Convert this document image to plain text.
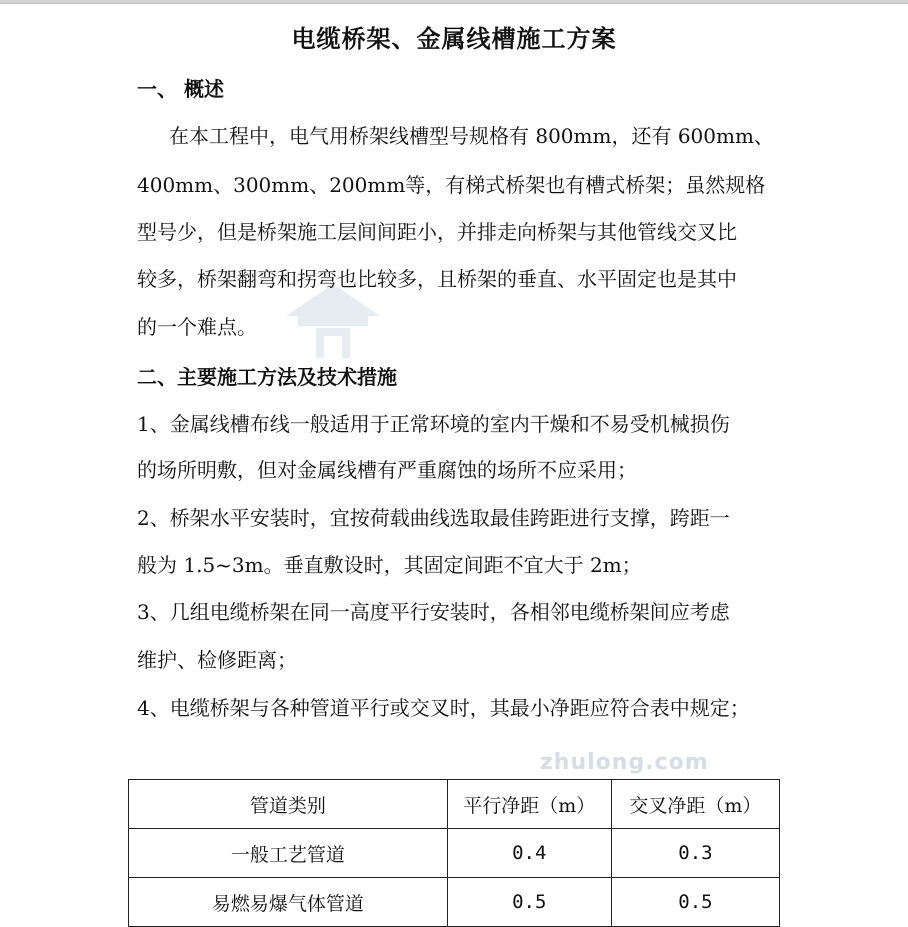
电缆桥架、金属线槽施工方案
一、 概述
在本工程中，电气用桥架线槽型号规格有 800mm，还有 600mm、
400mm、300mm、200mm等，有梯式桥架也有槽式桥架；虽然规格
型号少，但是桥架施工层间间距小，并排走向桥架与其他管线交叉比
较多，桥架翻弯和拐弯也比较多，且桥架的垂直、水平固定也是其中
的一个难点。
二、主要施工方法及技术措施
1、金属线槽布线一般适用于正常环境的室内干燥和不易受机械损伤
的场所明敷，但对金属线槽有严重腐蚀的场所不应采用；
2、桥架水平安装时，宜按荷载曲线选取最佳跨距进行支撑，跨距一
般为 1.5~3m。垂直敷设时，其固定间距不宜大于 2m；
3、几组电缆桥架在同一高度平行安装时，各相邻电缆桥架间应考虑
维护、检修距离；
4、电缆桥架与各种管道平行或交叉时，其最小净距应符合表中规定；
zhulong.com
管道类别	平行净距（m）	交叉净距（m）
一般工艺管道	0.4	0.3
易燃易爆气体管道	0.5	0.5
